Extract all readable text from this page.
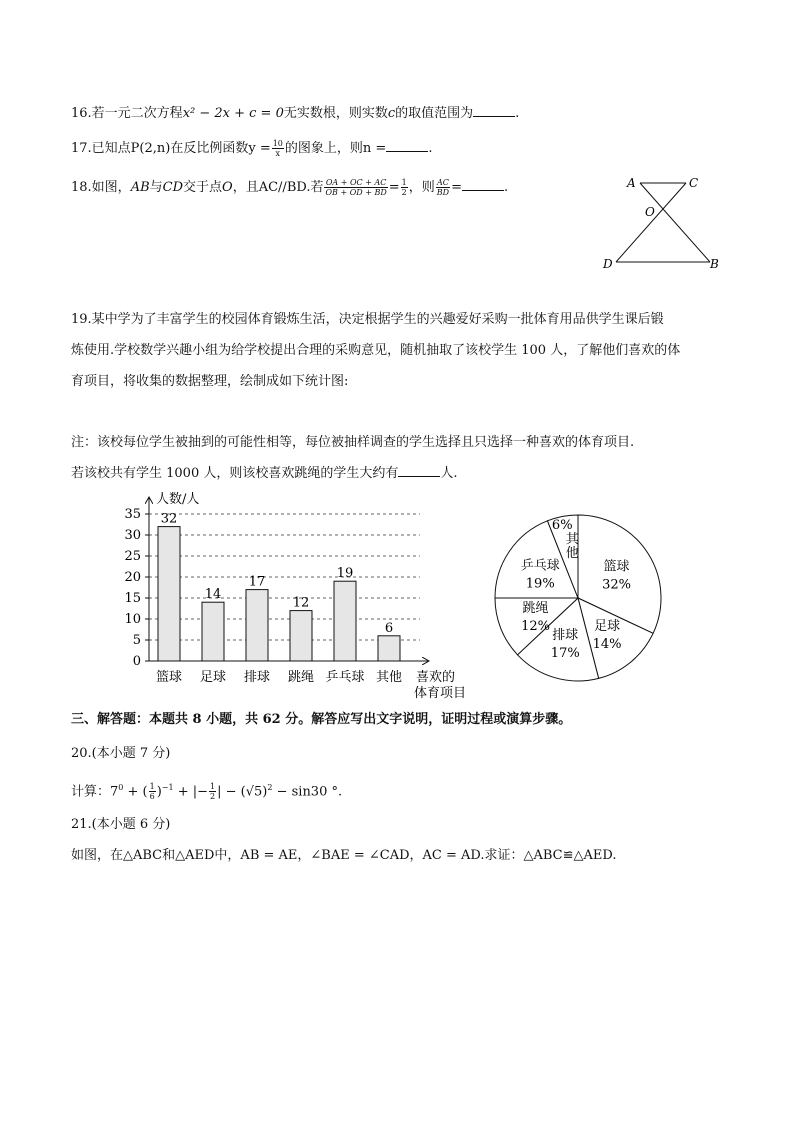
16.若一元二次方程x² − 2x + c = 0无实数根，则实数c的取值范围为	.
17.已知点P(2,n)在反比例函数$y = \frac{10}{x}$ 的图象上，则n =	.
18.如图，AB与CD交于点O，且AC//BD.若 $\frac{OA + OC + AC}{OB + OD + BD} = \frac{1}{2}$ ，则 $\frac{AC}{BD}$ =	.	A	C
O
D	B
19.某中学为了丰富学生的校园体育锻炼生活，决定根据学生的兴趣爱好采购一批体育用品供学生课后锻
炼使用.学校数学兴趣小组为给学校提出合理的采购意见，随机抽取了该校学生 100 人，了解他们喜欢的体
育项目，将收集的数据整理，绘制成如下统计图:
注：该校每位学生被抽到的可能性相等，每位被抽样调查的学生选择且只选择一种喜欢的体育项目.
若该校共有学生 1000 人，则该校喜欢跳绳的学生大约有	人.
人数/人
0
5
10
15
20
25
30
35 32
篮球
14
足球
17
排球
12
跳绳
19
乒乓球
6
其他 喜欢的
体育项目
篮球
32%
足球
14%
排球
17%
跳绳
12%
乒乓球
19%
6%
其
他
三、解答题：本题共 8 小题，共 62 分。解答应写出文字说明，证明过程或演算步骤。
20.(本小题 7 分)
计算：$7^0$ + ( $\frac{1}{6} )^{-1}$ + |− $\frac{1}{2}$ | − $(√5)^2 - \sin 30$ °.
21.(本小题 6 分)
如图，在△ABC和△AED中，AB = AE，∠BAE = ∠CAD，AC = AD.求证：△ABC≌△AED.
